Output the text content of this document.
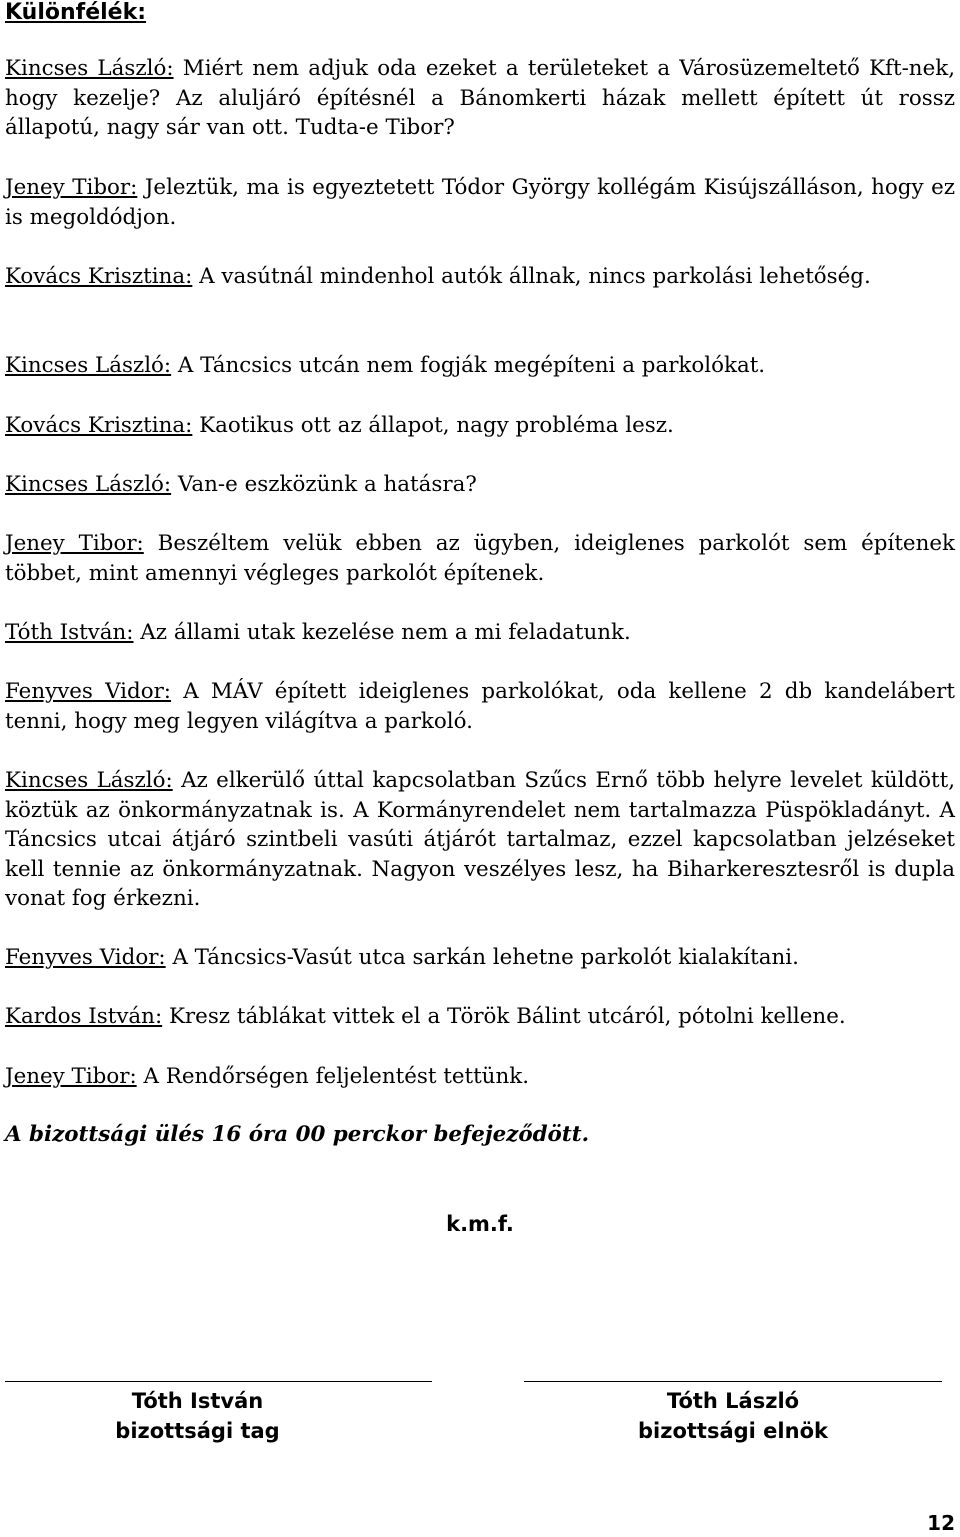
Különfélék:

Kincses László: Miért nem adjuk oda ezeket a területeket a Városüzemeltető Kft-nek, hogy kezelje? Az aluljáró építésnél a Bánomkerti házak mellett épített út rossz állapotú, nagy sár van ott. Tudta-e Tibor?

Jeney Tibor: Jeleztük, ma is egyeztetett Tódor György kollégám Kisújszálláson, hogy ez is megoldódjon.

Kovács Krisztina: A vasútnál mindenhol autók állnak, nincs parkolási lehetőség.

Kincses László: A Táncsics utcán nem fogják megépíteni a parkolókat.

Kovács Krisztina: Kaotikus ott az állapot, nagy probléma lesz.

Kincses László: Van-e eszközünk a hatásra?

Jeney Tibor: Beszéltem velük ebben az ügyben, ideiglenes parkolót sem építenek többet, mint amennyi végleges parkolót építenek.

Tóth István: Az állami utak kezelése nem a mi feladatunk.

Fenyves Vidor: A MÁV épített ideiglenes parkolókat, oda kellene 2 db kandelábert tenni, hogy meg legyen világítva a parkoló.

Kincses László: Az elkerülő úttal kapcsolatban Szűcs Ernő több helyre levelet küldött, köztük az önkormányzatnak is. A Kormányrendelet nem tartalmazza Püspökladányt. A Táncsics utcai átjáró szintbeli vasúti átjárót tartalmaz, ezzel kapcsolatban jelzéseket kell tennie az önkormányzatnak. Nagyon veszélyes lesz, ha Biharkeresztesről is dupla vonat fog érkezni.

Fenyves Vidor: A Táncsics-Vasút utca sarkán lehetne parkolót kialakítani.

Kardos István: Kresz táblákat vittek el a Török Bálint utcáról, pótolni kellene.

Jeney Tibor: A Rendőrségen feljelentést tettünk.

A bizottsági ülés 16 óra 00 perckor befejeződött.

k.m.f.
Tóth István
bizottsági tag
Tóth László
bizottsági elnök
12
